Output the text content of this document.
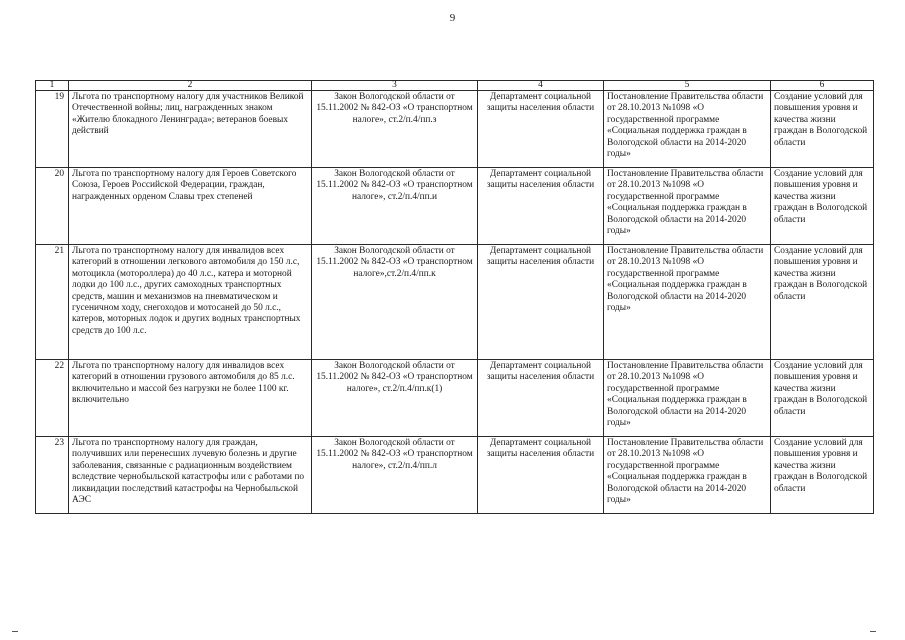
9
1	2	3	4	5	6
19	Льгота по транспортному налогу для участников Великой Отечественной войны; лиц, награжденных знаком «Жителю блокадного Ленинграда»; ветеранов боевых действий	Закон Вологодской области от 15.11.2002 № 842-ОЗ «О транспортном налоге», ст.2/п.4/пп.з	Департамент социальной защиты населения области	Постановление Правительства области от 28.10.2013 №1098 «О государственной программе «Социальная поддержка граждан в Вологодской области на 2014-2020 годы»	Создание условий для повышения уровня и качества жизни граждан в Вологодской области
20	Льгота по транспортному налогу для Героев Советского Союза, Героев Российской Федерации, граждан, награжденных орденом Славы трех степеней	Закон Вологодской области от 15.11.2002 № 842-ОЗ «О транспортном налоге», ст.2/п.4/пп.и	Департамент социальной защиты населения области	Постановление Правительства области от 28.10.2013 №1098 «О государственной программе «Социальная поддержка граждан в Вологодской области на 2014-2020 годы»	Создание условий для повышения уровня и качества жизни граждан в Вологодской области
21	Льгота по транспортному налогу для инвалидов всех категорий в отношении легкового автомобиля до 150 л.с, мотоцикла (мотороллера) до 40 л.с., катера и моторной лодки до 100 л.с., других самоходных транспортных средств, машин и механизмов на пневматическом и гусеничном ходу, снегоходов и мотосаней до 50 л.с., катеров, моторных лодок и других водных транспортных средств до 100 л.с.	Закон Вологодской области от 15.11.2002 № 842-ОЗ «О транспортном налоге»,ст.2/п.4/пп.к	Департамент социальной защиты населения области	Постановление Правительства области от 28.10.2013 №1098 «О государственной программе «Социальная поддержка граждан в Вологодской области на 2014-2020 годы»	Создание условий для повышения уровня и качества жизни граждан в Вологодской области
22	Льгота по транспортному налогу для инвалидов всех категорий в отношении грузового автомобиля до 85 л.с. включительно и массой без нагрузки не более 1100 кг. включительно	Закон Вологодской области от 15.11.2002 № 842-ОЗ «О транспортном налоге», ст.2/п.4/пп.к(1)	Департамент социальной защиты населения области	Постановление Правительства области от 28.10.2013 №1098 «О государственной программе «Социальная поддержка граждан в Вологодской области на 2014-2020 годы»	Создание условий для повышения уровня и качества жизни граждан в Вологодской области
23	Льгота по транспортному налогу для граждан, получивших или перенесших лучевую болезнь и другие заболевания, связанные с радиационным воздействием вследствие чернобыльской катастрофы или с работами по ликвидации последствий катастрофы на Чернобыльской АЭС	Закон Вологодской области от 15.11.2002 № 842-ОЗ «О транспортном налоге», ст.2/п.4/пп.л	Департамент социальной защиты населения области	Постановление Правительства области от 28.10.2013 №1098 «О государственной программе «Социальная поддержка граждан в Вологодской области на 2014-2020 годы»	Создание условий для повышения уровня и качества жизни граждан в Вологодской области
